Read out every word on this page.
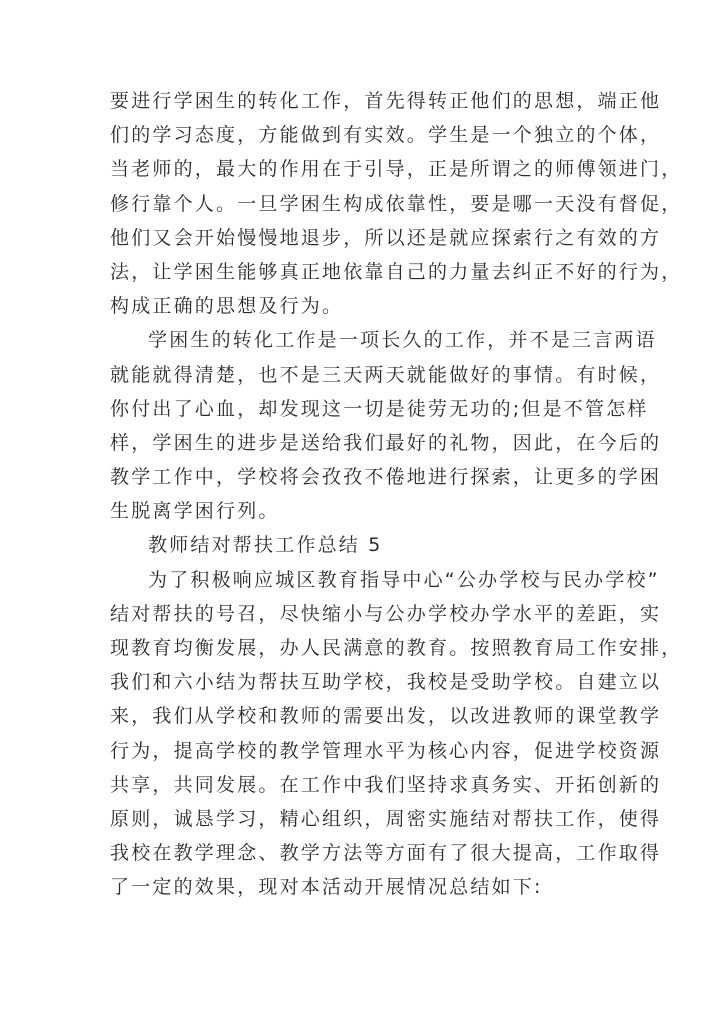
要进行学困生的转化工作，首先得转正他们的思想，端正他
们的学习态度，方能做到有实效。学生是一个独立的个体，
当老师的，最大的作用在于引导，正是所谓之的师傅领进门，
修行靠个人。一旦学困生构成依靠性，要是哪一天没有督促，
他们又会开始慢慢地退步，所以还是就应探索行之有效的方
法，让学困生能够真正地依靠自己的力量去纠正不好的行为，
构成正确的思想及行为。
学困生的转化工作是一项长久的工作，并不是三言两语
就能就得清楚，也不是三天两天就能做好的事情。有时候，
你付出了心血，却发现这一切是徒劳无功的;但是不管怎样
样，学困生的进步是送给我们最好的礼物，因此，在今后的
教学工作中，学校将会孜孜不倦地进行探索，让更多的学困
生脱离学困行列。
教师结对帮扶工作总结 5
为了积极响应城区教育指导中心“公办学校与民办学校”
结对帮扶的号召，尽快缩小与公办学校办学水平的差距，实
现教育均衡发展，办人民满意的教育。按照教育局工作安排，
我们和六小结为帮扶互助学校，我校是受助学校。自建立以
来，我们从学校和教师的需要出发，以改进教师的课堂教学
行为，提高学校的教学管理水平为核心内容，促进学校资源
共享，共同发展。在工作中我们坚持求真务实、开拓创新的
原则，诚恳学习，精心组织，周密实施结对帮扶工作，使得
我校在教学理念、教学方法等方面有了很大提高，工作取得
了一定的效果，现对本活动开展情况总结如下:
